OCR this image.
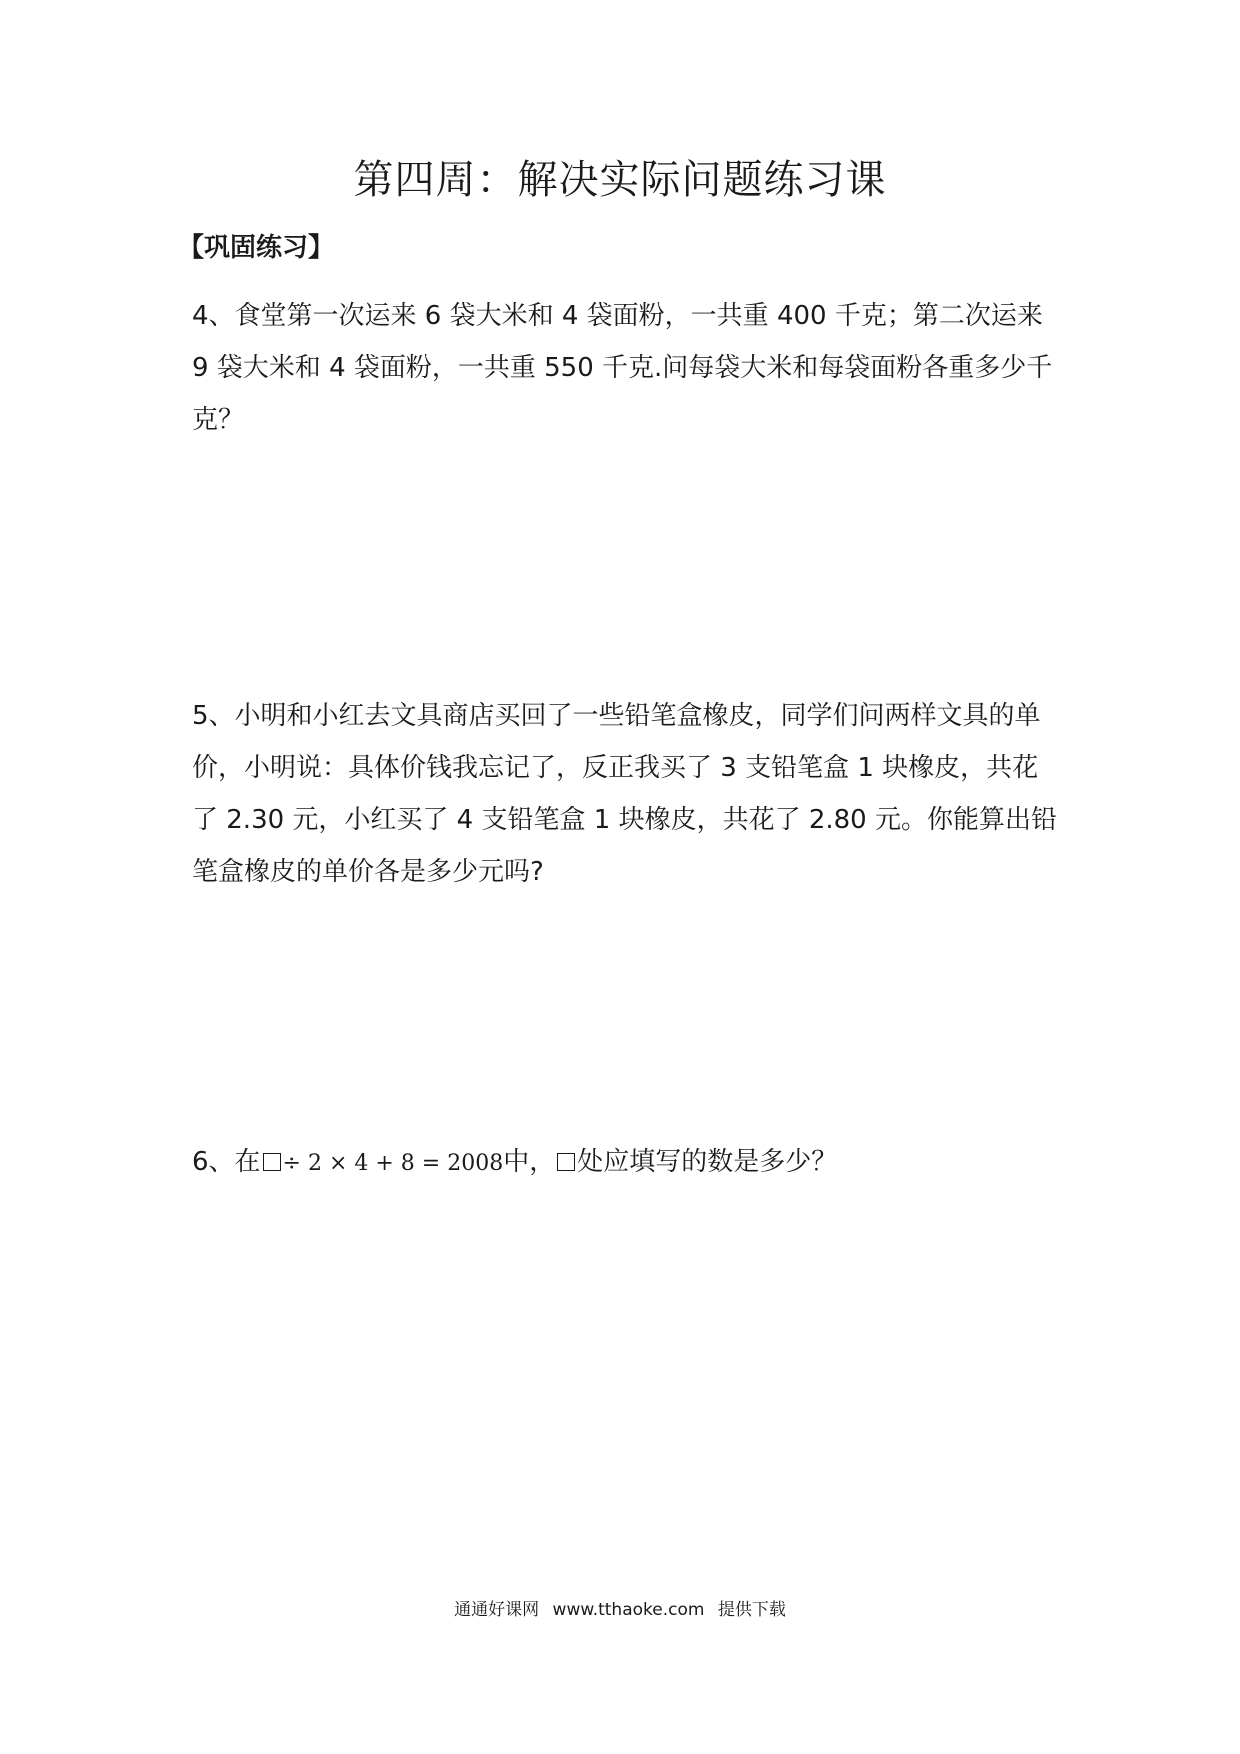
第四周：解决实际问题练习课
【巩固练习】

4、食堂第一次运来 6 袋大米和 4 袋面粉，一共重 400 千克；第二次运来 9 袋大米和 4 袋面粉，一共重 550 千克.问每袋大米和每袋面粉各重多少千克？

5、小明和小红去文具商店买回了一些铅笔盒橡皮，同学们问两样文具的单价，小明说：具体价钱我忘记了，反正我买了 3 支铅笔盒 1 块橡皮，共花了 2.30 元，小红买了 4 支铅笔盒 1 块橡皮，共花了 2.80 元。你能算出铅笔盒橡皮的单价各是多少元吗?

6、在 ÷ 2 × 4 + 8 = 2008中， 处应填写的数是多少？

通通好课网 www.tthaoke.com 提供下载
